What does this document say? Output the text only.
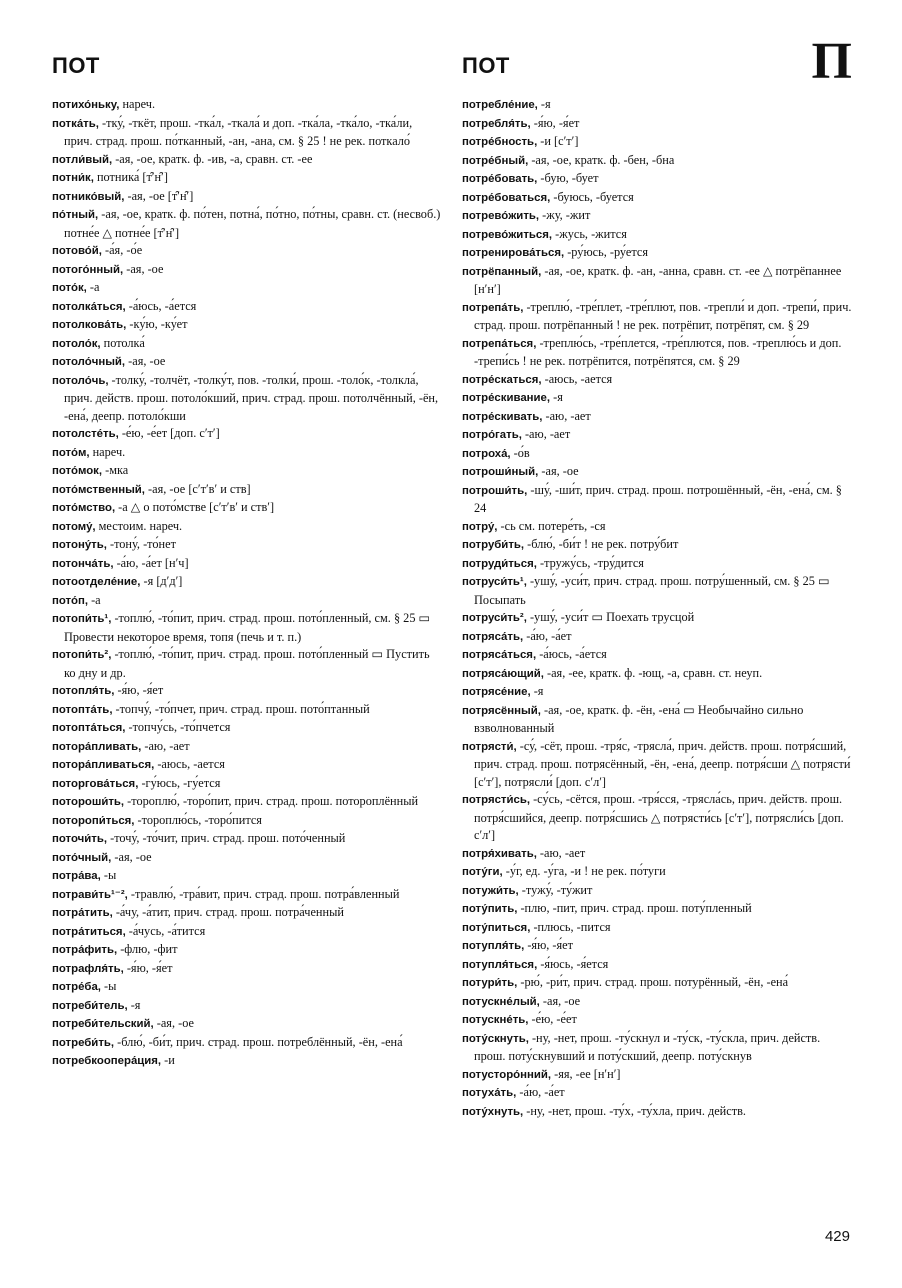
ПОТ	ПОТ	П

потихо́ньку, нареч.

потка́ть, -тку́, -ткёт, прош. -тка́л, -ткала́ и доп. -тка́ла, -тка́ло, -тка́ли, прич. страд. прош. по́тканный, -ан, -ана, см. § 25 ! не рек. поткало́

потли́вый, -ая, -ое, кратк. ф. -ив, -а, сравн. ст. -ее

потни́к, потника́ [т̑ʹн̑ʹ]

потнико́вый, -ая, -ое [т̑ʹн̑ʹ]

по́тный, -ая, -ое, кратк. ф. по́тен, потна́, по́тно, по́тны, сравн. ст. (несвоб.) потне́е △ потне́е [т̑ʹн̑ʹ]

потово́й, -а́я, -о́е

потого́нный, -ая, -ое

пото́к, -а

потолка́ться, -а́юсь, -а́ется

потолкова́ть, -ку́ю, -ку́ет

потоло́к, потолка́

потоло́чный, -ая, -ое

потоло́чь, -толку́, -толчёт, -толку́т, пов. -толки́, прош. -толо́к, -толкла́, прич. действ. прош. потоло́кший, прич. страд. прош. потолчённый, -ён, -ена́, деепр. потоло́кши

потолсте́ть, -е́ю, -е́ет [доп. сʹтʹ]

пото́м, нареч.

пото́мок, -мка

пото́мственный, -ая, -ое [сʹтʹвʹ и ств]

пото́мство, -а △ о пото́мстве [сʹтʹвʹ и ствʹ]

потому́, местоим. нареч.

потону́ть, -тону́, -то́нет

потонча́ть, -а́ю, -а́ет [нʹч]

потоотделе́ние, -я [дʹдʹ]

пото́п, -а

потопи́ть¹, -топлю́, -то́пит, прич. страд. прош. пото́пленный, см. § 25 ▭ Провести некоторое время, топя (печь и т. п.)

потопи́ть², -топлю́, -то́пит, прич. страд. прош. пото́пленный ▭ Пустить ко дну и др.

потопля́ть, -я́ю, -я́ет

потопта́ть, -топчу́, -то́пчет, прич. страд. прош. пото́птанный

потопта́ться, -топчу́сь, -то́пчется

потора́пливать, -аю, -ает

потора́пливаться, -аюсь, -ается

поторгова́ться, -гу́юсь, -гу́ется

потороши́ть, -тороплю́, -торо́пит, прич. страд. прош. потороплённый

поторопи́ться, -тороплю́сь, -торо́пится

поточи́ть, -точу́, -то́чит, прич. страд. прош. пото́ченный

пото́чный, -ая, -ое

потра́ва, -ы

потрави́ть¹⁻², -травлю́, -тра́вит, прич. страд. прош. потра́вленный

потра́тить, -а́чу, -а́тит, прич. страд. прош. потра́ченный

потра́титься, -а́чусь, -а́тится

потра́фить, -флю, -фит

потрафля́ть, -я́ю, -я́ет

потре́ба, -ы

потреби́тель, -я

потреби́тельский, -ая, -ое

потреби́ть, -блю́, -би́т, прич. страд. прош. потреблённый, -ён, -ена́

потребкоопера́ция, -и

потребле́ние, -я

потребля́ть, -я́ю, -я́ет

потре́бность, -и [сʹтʹ]

потре́бный, -ая, -ое, кратк. ф. -бен, -бна

потре́бовать, -бую, -бует

потре́боваться, -буюсь, -буется

потрево́жить, -жу, -жит

потрево́житься, -жусь, -жится

потренирова́ться, -ру́юсь, -ру́ется

потрёпанный, -ая, -ое, кратк. ф. -ан, -анна, сравн. ст. -ее △ потрёпаннее [нʹнʹ]

потрепа́ть, -треплю́, -тре́плет, -тре́плют, пов. -трепли́ и доп. -трепи́, прич. страд. прош. потрёпанный ! не рек. потрёпит, потрёпят, см. § 29

потрепа́ться, -треплю́сь, -тре́плется, -тре́плются, пов. -треплю́сь и доп. -трепи́сь ! не рек. потрёпится, потрёпятся, см. § 29

потре́скаться, -аюсь, -ается

потре́скивание, -я

потре́скивать, -аю, -ает

потро́гать, -аю, -ает

потроха́, -о́в

потроши́ный, -ая, -ое

потроши́ть, -шу́, -ши́т, прич. страд. прош. потрошённый, -ён, -ена́, см. § 24

потру́, -сь см. потере́ть, -ся

потруби́ть, -блю́, -би́т ! не рек. потру́бит

потруди́ться, -тружу́сь, -тру́дится

потруси́ть¹, -ушу́, -уси́т, прич. страд. прош. потру́шенный, см. § 25 ▭ Посыпать

потруси́ть², -ушу́, -уси́т ▭ Поехать трусцой

потряса́ть, -а́ю, -а́ет

потряса́ться, -а́юсь, -а́ется

потряса́ющий, -ая, -ее, кратк. ф. -ющ, -а, сравн. ст. неуп.

потрясе́ние, -я

потрясённый, -ая, -ое, кратк. ф. -ён, -ена́ ▭ Необычайно сильно взволнованный

потрясти́, -су́, -сёт, прош. -тря́с, -трясла́, прич. действ. прош. потря́сший, прич. страд. прош. потрясённый, -ён, -ена́, деепр. потря́сши △ потрясти́ [сʹтʹ], потрясли́ [доп. сʹлʹ]

потрясти́сь, -су́сь, -сётся, прош. -тря́сся, -трясла́сь, прич. действ. прош. потря́сшийся, деепр. потря́сшись △ потрясти́сь [сʹтʹ], потрясли́сь [доп. сʹлʹ]

потря́хивать, -аю, -ает

поту́ги, -у́г, ед. -у́га, -и ! не рек. по́туги

потужи́ть, -тужу́, -ту́жит

поту́пить, -плю, -пит, прич. страд. прош. поту́пленный

поту́питься, -плюсь, -пится

потупля́ть, -я́ю, -я́ет

потупля́ться, -я́юсь, -я́ется

потури́ть, -рю́, -ри́т, прич. страд. прош. потурённый, -ён, -ена́

потускне́лый, -ая, -ое

потускне́ть, -е́ю, -е́ет

поту́скнуть, -ну, -нет, прош. -ту́скнул и -ту́ск, -ту́скла, прич. действ. прош. поту́скнувший и поту́скший, деепр. поту́скнув

потусторо́нний, -яя, -ее [нʹнʹ]

потуха́ть, -а́ю, -а́ет

поту́хнуть, -ну, -нет, прош. -ту́х, -ту́хла, прич. действ.

429
